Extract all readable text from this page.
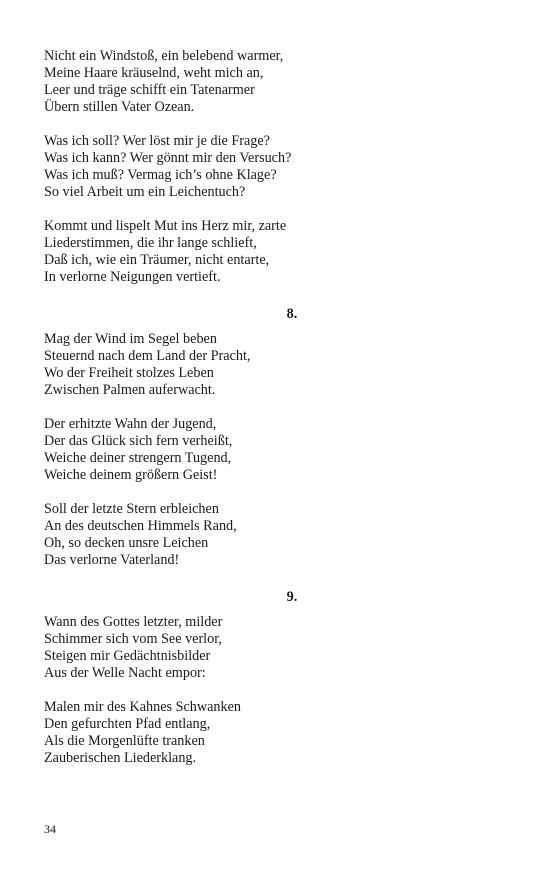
Nicht ein Windstoß, ein belebend warmer,
Meine Haare kräuselnd, weht mich an,
Leer und träge schifft ein Tatenarmer
Übern stillen Vater Ozean.
Was ich soll? Wer löst mir je die Frage?
Was ich kann? Wer gönnt mir den Versuch?
Was ich muß? Vermag ich’s ohne Klage?
So viel Arbeit um ein Leichentuch?
Kommt und lispelt Mut ins Herz mir, zarte
Liederstimmen, die ihr lange schlieft,
Daß ich, wie ein Träumer, nicht entarte,
In verlorne Neigungen vertieft.
8.
Mag der Wind im Segel beben
Steuernd nach dem Land der Pracht,
Wo der Freiheit stolzes Leben
Zwischen Palmen auferwacht.
Der erhitzte Wahn der Jugend,
Der das Glück sich fern verheißt,
Weiche deiner strengern Tugend,
Weiche deinem größern Geist!
Soll der letzte Stern erbleichen
An des deutschen Himmels Rand,
Oh, so decken unsre Leichen
Das verlorne Vaterland!
9.
Wann des Gottes letzter, milder
Schimmer sich vom See verlor,
Steigen mir Gedächtnisbilder
Aus der Welle Nacht empor:
Malen mir des Kahnes Schwanken
Den gefurchten Pfad entlang,
Als die Morgenlüfte tranken
Zauberischen Liederklang.
34
